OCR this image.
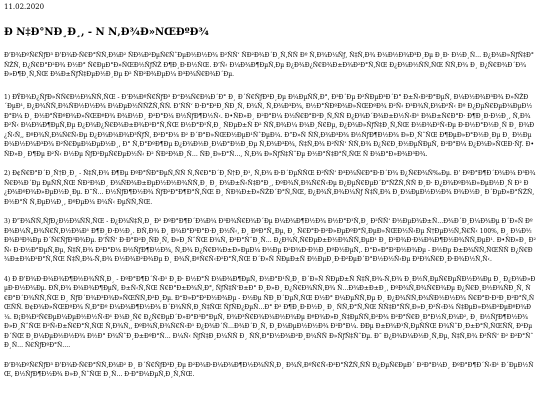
11.02.2020
Ð Ñ‡Ð°ÑÐ¸Ð¸, - Ñ Ñ‚Ð¾Ð»ÑŒÐºÐ¾
Ð’Ð¾ÐºÑ€ÑƒÐ³ Ð’Ð¾Ð·Ñ€Ð°ÑÑ‚Ð¾Ð² ÑÐ¾Ð²ÐµÑ€ÑˆÐµÐ½Ð½Ð¾ Ð²ÑÑ‘ ÑÐ²Ð¾Ð´Ð¸Ñ‚ÑÑ Ðº Ñ‚Ð¾Ð¼Ñƒ, Ñ‡Ñ‚Ð¾ Ð¼Ð½Ð¾Ð³Ð¸Ðµ Ð¸Ð· Ð½Ð¸Ñ… Ð¿Ð¾Ð»ÑƒÑ‡Ð°ÑŽÑ‚ Ð¿Ñ€Ð°Ð²Ð¾ Ð½Ð° Ñ€ÐµÐ°Ð»ÑŒÐ½ÑƒÑŽ Ð¶Ð¸Ð·Ð½ÑŒ. Ð’Ñ‹ Ð¼Ð¾Ð¶ÐµÑ‚Ðµ Ð¿Ð¾Ð¿Ñ€Ð¾Ð±Ð¾Ð²Ð°Ñ‚ÑŒ Ð¿Ð¾Ð½ÑÑ‚ÑŒ ÑÑ‚Ð¾ Ð¸ Ð¿Ñ€Ð¾Ð´Ð¾Ð»Ð¶Ð¸Ñ‚ÑŒ Ð¾Ð±ÑƒÑ‡ÐµÐ½Ð¸Ðµ Ð² ÑÐ²Ð¾ÐµÐ¼ Ð³Ð¾Ñ€Ð¾Ð´Ðµ.
1) ÐŸÐ¾Ð¿ÑƒÐ»ÑÑ€Ð½Ð¾ÑÑ‚ÑŒ - Ð’Ð¾ÐºÑ€ÑƒÐ³ Ð“Ð¾Ñ€Ð¾Ð´Ð° Ð¸ Ð´Ñ€ÑƒÐ³Ð¸Ðµ Ð¼ÐµÑÑ‚Ð°, Ð³Ð´Ðµ Ð²ÑÐµÐ³Ð´Ð° Ð±Ñ‹Ð²Ð°ÐµÑ‚ Ð¼Ð½Ð¾Ð³Ð¾ Ð»ÑŽÐ´ÐµÐ¹, Ð¿Ð¾ÑÑ‚Ð¾ÑÐ½Ð½Ð¾ Ð¼ÐµÐ½ÑÑŽÑ‚ÑÑ. Ð’ÑÑ‘ Ð·Ð°Ð²Ð¸ÑÐ¸Ñ‚ Ð¾Ñ‚ Ñ‚Ð¾Ð³Ð¾, Ð½Ð°ÑÐºÐ¾Ð»ÑŒÐºÐ¾ Ð²Ñ‹ Ð³Ð¾Ñ‚Ð¾Ð²Ñ‹ Ðº Ð¿ÐµÑ€ÐµÐ¼ÐµÐ½Ð°Ð¼ Ð¸ Ð½Ð°ÑÐºÐ¾Ð»ÑŒÐºÐ¾ Ð¾Ð½Ð¸ Ð²Ð°Ð¼ Ð½ÑƒÐ¶Ð½Ñ‹. Ð•ÑÐ»Ð¸ Ð²Ð°Ð¼ Ð½Ñ€Ð°Ð²Ð¸Ñ‚ÑÑ Ð¿Ð¾Ð´Ð¾Ð±Ð½Ñ‹Ð¹ Ð¾Ð±Ñ€Ð°Ð· Ð¶Ð¸Ð·Ð½Ð¸, Ñ‚Ð¾ Ð²Ñ‹ Ð¼Ð¾Ð¶ÐµÑ‚Ðµ Ð¿Ð¾Ð¿Ñ€Ð¾Ð±Ð¾Ð²Ð°Ñ‚ÑŒ Ð½Ð°Ð¹Ñ‚Ð¸ ÑÐµÐ±Ñ Ð² ÑÑ‚Ð¾Ð¼ Ð¼Ð¸Ñ€Ðµ, Ð¿Ð¾Ð»ÑƒÑ‡Ð¸Ñ‚ÑŒ Ð½Ð¾Ð²Ñ‹Ðµ Ð·Ð½Ð°Ð½Ð¸Ñ Ð¸ Ð¾Ð¿Ñ‹Ñ‚, ÐºÐ¾Ñ‚Ð¾Ñ€Ñ‹Ðµ Ð¿Ð¾Ð¼Ð¾Ð³ÑƒÑ‚ Ð²Ð°Ð¼ Ð² Ð´Ð°Ð»ÑŒÐ½ÐµÐ¹ÑˆÐµÐ¼. Ð”Ð»Ñ ÑÑ‚Ð¾Ð³Ð¾ Ð½ÑƒÐ¶Ð½Ð¾ Ð»Ð¸ÑˆÑŒ Ð¶ÐµÐ»Ð°Ð½Ð¸Ðµ Ð¸ Ð½ÐµÐ¼Ð½Ð¾Ð³Ð¾ Ð²Ñ€ÐµÐ¼ÐµÐ½Ð¸, Ð° Ñ‚Ð°ÐºÐ¶Ðµ Ð¿Ð¾Ð½Ð¸Ð¼Ð°Ð½Ð¸Ðµ Ñ‚Ð¾Ð³Ð¾, Ñ‡Ñ‚Ð¾ Ð²ÑÑ‘ ÑÑ‚Ð¾ Ð¿Ñ€Ð¸Ð½ÐµÑÐµÑ‚ Ð²Ð°Ð¼ Ð¿Ð¾Ð»ÑŒÐ·Ñƒ. Ð•ÑÐ»Ð¸ Ð¶Ðµ Ð²Ñ‹ Ð½Ðµ ÑƒÐ²ÐµÑ€ÐµÐ½Ñ‹ Ð² ÑÐ²Ð¾Ð¸Ñ… ÑÐ¸Ð»Ð°Ñ…, Ñ‚Ð¾ Ð»ÑƒÑ‡ÑˆÐµ Ð½Ð°Ñ‡Ð°Ñ‚ÑŒ Ñ Ð¼Ð°Ð»Ð¾Ð³Ð¾.
2) Ð¢Ñ€Ð°Ð´Ð¸Ñ†Ð¸Ð¸ - Ñ‡Ñ‚Ð¾ Ð¶Ðµ ÐºÐ°ÑÐ°ÐµÑ‚ÑÑ Ñ‚Ñ€Ð°Ð´Ð¸Ñ†Ð¸Ð¹, Ñ‚Ð¾ Ð·Ð´ÐµÑÑŒ Ð²ÑÑ‘ Ð³Ð¾Ñ€Ð°Ð·Ð´Ð¾ Ð¿Ñ€Ð¾Ñ‰Ðµ. Ð’ ÐºÐ°Ð¶Ð´Ð¾Ð¼ Ð³Ð¾Ñ€Ð¾Ð´Ðµ ÐµÑÑ‚ÑŒ ÑÐ²Ð¾Ð¸ Ð¾ÑÐ¾Ð±ÐµÐ½Ð½Ð¾ÑÑ‚Ð¸ Ð¸ Ð¾Ð±Ñ‹Ñ‡Ð°Ð¸, ÐºÐ¾Ñ‚Ð¾Ñ€Ñ‹Ðµ Ð¿ÐµÑ€ÐµÐ´Ð°ÑŽÑ‚ÑÑ Ð¸Ð· Ð¿Ð¾ÐºÐ¾Ð»ÐµÐ½Ð¸Ñ Ð² Ð¿Ð¾ÐºÐ¾Ð»ÐµÐ½Ð¸Ðµ. Ð˜Ñ… Ð½ÑƒÐ¶Ð½Ð¾ ÑƒÐ²Ð°Ð¶Ð°Ñ‚ÑŒ Ð¸ ÑÐ¾Ð±Ð»ÑŽÐ´Ð°Ñ‚ÑŒ, Ð¿Ð¾Ñ‚Ð¾Ð¼Ñƒ Ñ‡Ñ‚Ð¾ Ð¸Ð¼ÐµÐ½Ð½Ð¾ Ð¾Ð½Ð¸ Ð´ÐµÐ»Ð°ÑŽÑ‚ Ð½Ð°Ñ Ñ‚ÐµÐ¼Ð¸, ÐºÐµÐ¼ Ð¼Ñ‹ ÐµÑÑ‚ÑŒ.
3) Ð”Ð¾ÑÑ‚ÑƒÐ¿Ð½Ð¾ÑÑ‚ÑŒ - Ð¿Ð¾Ñ‡Ñ‚Ð¸ Ð² ÐºÐ°Ð¶Ð´Ð¾Ð¼ Ð³Ð¾Ñ€Ð¾Ð´Ðµ Ð¼Ð¾Ð¶Ð½Ð¾ Ð½Ð°Ð¹Ñ‚Ð¸ Ð²ÑÑ‘ Ð½ÐµÐ¾Ð±Ñ…Ð¾Ð´Ð¸Ð¼Ð¾Ðµ Ð´Ð»Ñ ÐºÐ¾Ð¼Ñ„Ð¾Ñ€Ñ‚Ð½Ð¾Ð¹ Ð¶Ð¸Ð·Ð½Ð¸. ÐÑ‚Ð¾ Ð¸ Ð¼Ð°Ð³Ð°Ð·Ð¸Ð½Ñ‹, Ð¸ ÐºÐ°Ñ„Ðµ, Ð¸ Ñ€Ð°Ð·Ð²Ð»ÐµÐºÐ°Ñ‚ÐµÐ»ÑŒÐ½Ñ‹Ðµ Ñ†ÐµÐ½Ñ‚Ñ€Ñ‹ 100%, Ð¸ Ð¼Ð½Ð¾Ð³Ð¾Ðµ Ð´Ñ€ÑƒÐ³Ð¾Ðµ. Ð’ÑÑ‘ Ð·Ð°Ð²Ð¸ÑÐ¸Ñ‚ Ð»Ð¸ÑˆÑŒ Ð¾Ñ‚ Ð²Ð°ÑˆÐ¸Ñ… Ð¿Ð¾Ñ‚Ñ€ÐµÐ±Ð½Ð¾ÑÑ‚ÐµÐ¹ Ð¸ Ð²Ð¾Ð·Ð¼Ð¾Ð¶Ð½Ð¾ÑÑ‚ÐµÐ¹. Ð•ÑÐ»Ð¸ Ð²Ñ‹ Ð·Ð½Ð°ÐµÑ‚Ðµ, Ñ‡Ñ‚Ð¾ Ð²Ð°Ð¼ Ð½ÑƒÐ¶Ð½Ð¾, Ñ‚Ð¾ Ð¿Ñ€Ð¾Ð±Ð»ÐµÐ¼ Ð½Ðµ Ð²Ð¾Ð·Ð½Ð¸ÐºÐ½ÐµÑ‚. Ð“Ð»Ð°Ð²Ð½Ð¾Ðµ - Ð½Ðµ Ð±Ð¾ÑÑ‚ÑŒÑÑ Ð¿Ñ€Ð¾Ð±Ð¾Ð²Ð°Ñ‚ÑŒ Ñ‡Ñ‚Ð¾-Ñ‚Ð¾ Ð½Ð¾Ð²Ð¾Ðµ Ð¸ Ð¾Ñ‚ÐºÑ€Ñ‹Ð²Ð°Ñ‚ÑŒ Ð´Ð»Ñ ÑÐµÐ±Ñ Ð½ÐµÐ¸Ð·Ð²ÐµÐ´Ð°Ð½Ð½Ñ‹Ðµ Ð³Ð¾Ñ€Ð¸Ð·Ð¾Ð½Ñ‚Ñ‹.
4) Ð Ð’Ð¾Ð·Ð¼Ð¾Ð¶Ð½Ð¾ÑÑ‚Ð¸ - ÐºÐ°Ð¶Ð´Ñ‹Ð¹ Ð¸Ð· Ð½Ð°Ñ Ð¼Ð¾Ð¶ÐµÑ‚ Ð½Ð°Ð¹Ñ‚Ð¸ Ð´Ð»Ñ ÑÐµÐ±Ñ Ñ‡Ñ‚Ð¾-Ñ‚Ð¾ Ð¸Ð½Ñ‚ÐµÑ€ÐµÑÐ½Ð¾Ðµ Ð¸ Ð¿Ð¾Ð»ÐµÐ·Ð½Ð¾Ðµ. ÐÑ‚Ð¾ Ð¼Ð¾Ð¶ÐµÑ‚ Ð±Ñ‹Ñ‚ÑŒ Ñ€Ð°Ð±Ð¾Ñ‚Ð°, ÑƒÑ‡Ñ‘Ð±Ð° Ð¸Ð»Ð¸ Ð¿Ñ€Ð¾ÑÑ‚Ð¾ Ñ…Ð¾Ð±Ð±Ð¸, ÐºÐ¾Ñ‚Ð¾Ñ€Ð¾Ðµ Ð¿Ñ€Ð¸Ð½Ð¾ÑÐ¸Ñ‚ Ñ€Ð°Ð´Ð¾ÑÑ‚ÑŒ Ð¸ ÑƒÐ´Ð¾Ð²Ð¾Ð»ÑŒÑÑ‚Ð²Ð¸Ðµ. Ð“Ð»Ð°Ð²Ð½Ð¾Ðµ - Ð½Ðµ ÑÐ¸Ð´ÐµÑ‚ÑŒ Ð½Ð° Ð¼ÐµÑÑ‚Ðµ Ð¸ Ð¿Ð¾ÑÑ‚Ð¾ÑÐ½Ð½Ð¾ Ñ€Ð°Ð·Ð²Ð¸Ð²Ð°Ñ‚ÑŒÑÑ. Ð¢Ð¾Ð»ÑŒÐºÐ¾ Ñ‚Ð°Ðº Ð¼Ð¾Ð¶Ð½Ð¾ Ð´Ð¾ÑÑ‚Ð¸Ñ‡ÑŒ ÑƒÑÐ¿ÐµÑ…Ð° Ð² Ð¶Ð¸Ð·Ð½Ð¸ Ð¸ ÑÑ‚Ð°Ñ‚ÑŒ ÑÑ‡Ð°ÑÑ‚Ð»Ð¸Ð²Ñ‹Ð¼ Ñ‡ÐµÐ»Ð¾Ð²ÐµÐºÐ¾Ð¼. Ð¡Ð¾Ð²Ñ€ÐµÐ¼ÐµÐ½Ð½Ñ‹Ð¹ Ð¼Ð¸Ñ€ Ð¿Ñ€ÐµÐ´Ð»Ð°Ð³Ð°ÐµÑ‚ Ð¾Ð³Ñ€Ð¾Ð¼Ð½Ð¾Ðµ ÐºÐ¾Ð»Ð¸Ñ‡ÐµÑÑ‚Ð²Ð¾ Ð²Ð°Ñ€Ð¸Ð°Ð½Ñ‚Ð¾Ð², Ð¸ Ð½ÑƒÐ¶Ð½Ð¾ Ð»Ð¸ÑˆÑŒ Ð²Ñ‹Ð±Ñ€Ð°Ñ‚ÑŒ Ñ‚Ð¾Ñ‚, ÐºÐ¾Ñ‚Ð¾Ñ€Ñ‹Ð¹ Ð¿Ð¾Ð´Ñ…Ð¾Ð´Ð¸Ñ‚ Ð¸Ð¼ÐµÐ½Ð½Ð¾ Ð²Ð°Ð¼. ÐÐµ Ð±Ð¾Ð¹Ñ‚ÐµÑÑŒ Ð¾ÑˆÐ¸Ð±Ð°Ñ‚ÑŒÑÑ, Ð²ÐµÐ´ÑŒ Ð¸Ð¼ÐµÐ½Ð½Ð¾ Ð½Ð° Ð¾ÑˆÐ¸Ð±ÐºÐ°Ñ… Ð¼Ñ‹ ÑƒÑ‡Ð¸Ð¼ÑÑ Ð¸ ÑÑ‚Ð°Ð½Ð¾Ð²Ð¸Ð¼ÑÑ Ð»ÑƒÑ‡ÑˆÐµ. Ð˜ Ð¿Ð¾Ð¼Ð½Ð¸Ñ‚Ðµ, Ñ‡Ñ‚Ð¾ Ð²ÑÑ‘ Ð² Ð²Ð°ÑˆÐ¸Ñ… Ñ€ÑƒÐºÐ°Ñ….
Ð’Ð¾ÐºÑ€ÑƒÐ³ Ð’Ð¾Ð·Ñ€Ð°ÑÑ‚Ð¾Ð² Ð¸ Ð´Ñ€ÑƒÐ³Ð¸Ðµ Ð²Ð¾Ð·Ð¼Ð¾Ð¶Ð½Ð¾ÑÑ‚Ð¸ Ð¾Ñ‚ÐºÑ€Ñ‹Ð²Ð°ÑŽÑ‚ÑÑ Ð¿ÐµÑ€ÐµÐ´ Ð²Ð°Ð¼Ð¸ ÐºÐ°Ð¶Ð´Ñ‹Ð¹ Ð´ÐµÐ½ÑŒ, Ð½ÑƒÐ¶Ð½Ð¾ Ð»Ð¸ÑˆÑŒ Ð¸Ñ… Ð·Ð°Ð¼ÐµÑ‚Ð¸Ñ‚ÑŒ.
